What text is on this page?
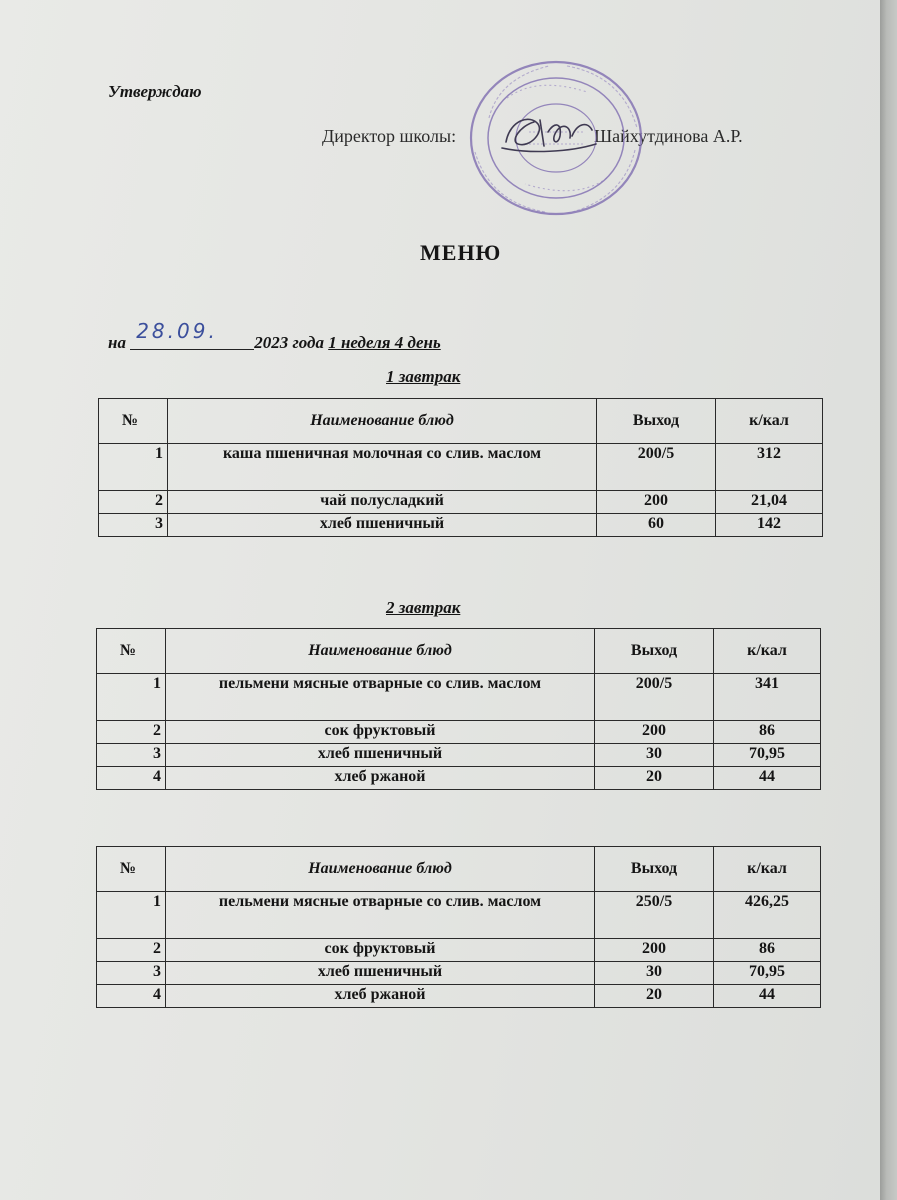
Утверждаю
Директор школы:	Шайхутдинова А.Р.
МЕНЮ
на 28.09. 2023 года 1 неделя 4 день
1 завтрак
2 завтрак
№	Наименование блюд	Выход	к/кал
1	каша пшеничная молочная со слив. маслом	200/5	312
2	чай полусладкий	200	21,04
3	хлеб пшеничный	60	142
№	Наименование блюд	Выход	к/кал
1	пельмени мясные отварные со слив. маслом	200/5	341
2	сок фруктовый	200	86
3	хлеб пшеничный	30	70,95
4	хлеб ржаной	20	44
№	Наименование блюд	Выход	к/кал
1	пельмени мясные отварные со слив. маслом	250/5	426,25
2	сок фруктовый	200	86
3	хлеб пшеничный	30	70,95
4	хлеб ржаной	20	44
